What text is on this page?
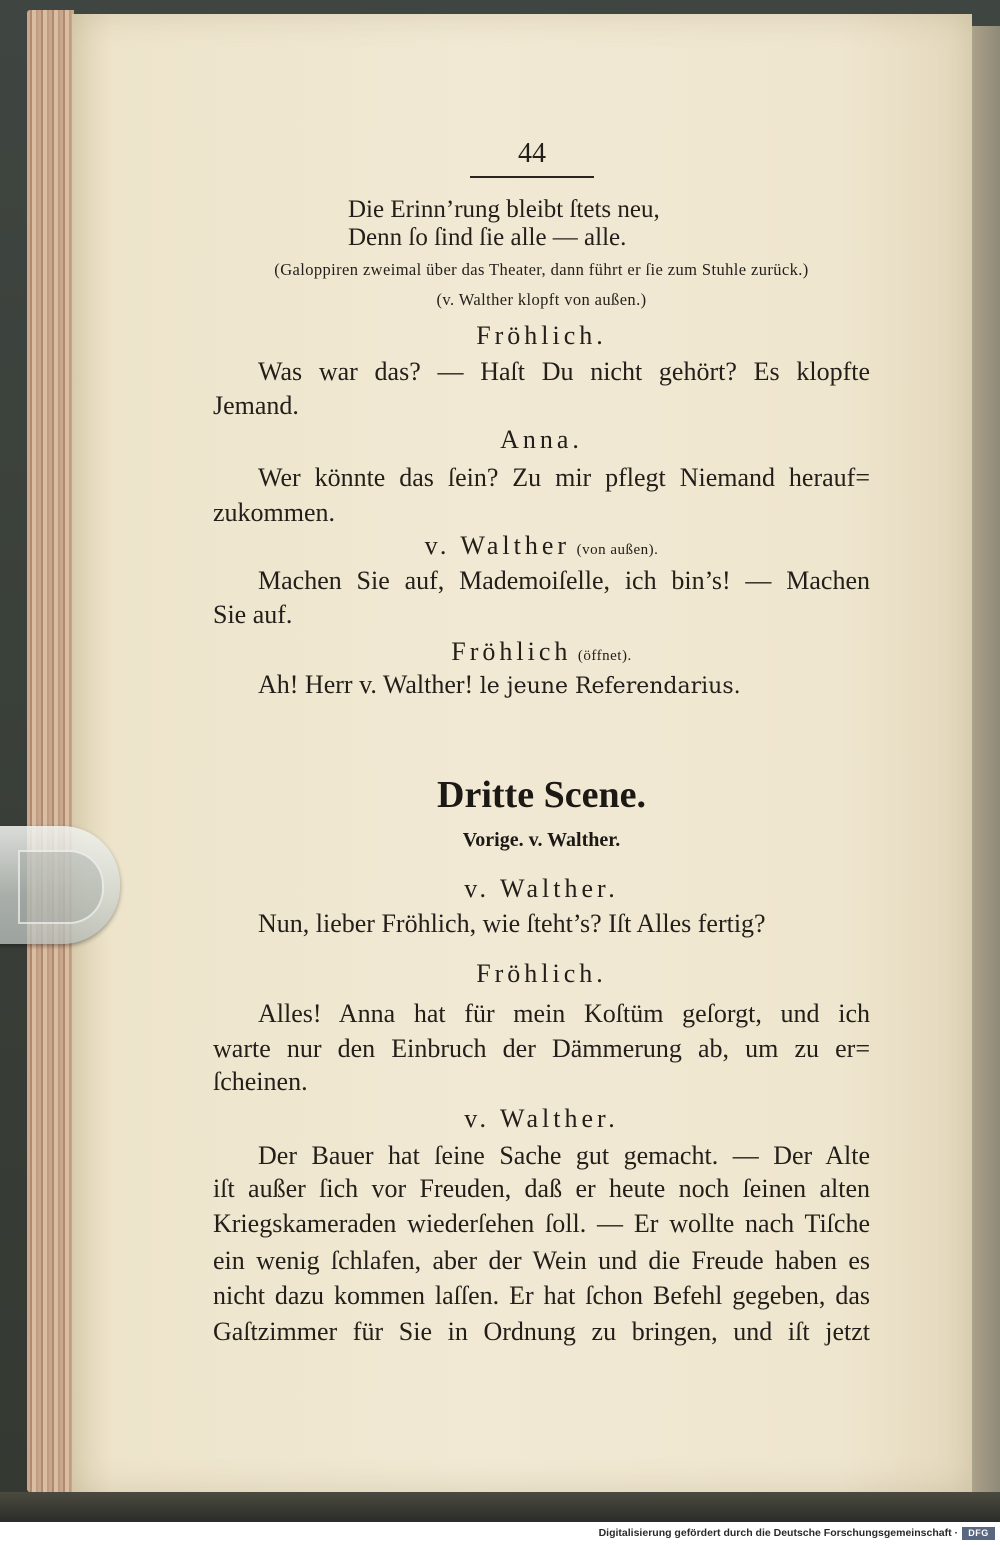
44
Die Erinn’rung bleibt ſtets neu,
Denn ſo ſind ſie alle — alle.
(Galoppiren zweimal über das Theater, dann führt er ſie zum Stuhle zurück.)
(v. Walther klopft von außen.)
Fröhlich.
Was war das? — Haſt Du nicht gehört? Es klopfte
Jemand.
Anna.
Wer könnte das ſein? Zu mir pflegt Niemand herauf=
zukommen.
v. Walther (von außen).
Machen Sie auf, Mademoiſelle, ich bin’s! — Machen
Sie auf.
Fröhlich (öffnet).
Ah! Herr v. Walther! le jeune Referendarius.
Dritte Scene.
Vorige. v. Walther.
v. Walther.
Nun, lieber Fröhlich, wie ſteht’s? Iſt Alles fertig?
Fröhlich.
Alles! Anna hat für mein Koſtüm geſorgt, und ich
warte nur den Einbruch der Dämmerung ab, um zu er=
ſcheinen.
v. Walther.
Der Bauer hat ſeine Sache gut gemacht. — Der Alte
iſt außer ſich vor Freuden, daß er heute noch ſeinen alten
Kriegskameraden wiederſehen ſoll. — Er wollte nach Tiſche
ein wenig ſchlafen, aber der Wein und die Freude haben es
nicht dazu kommen laſſen. Er hat ſchon Befehl gegeben, das
Gaſtzimmer für Sie in Ordnung zu bringen, und iſt jetzt
Digitalisierung gefördert durch die Deutsche Forschungsgemeinschaft ·	DFG
